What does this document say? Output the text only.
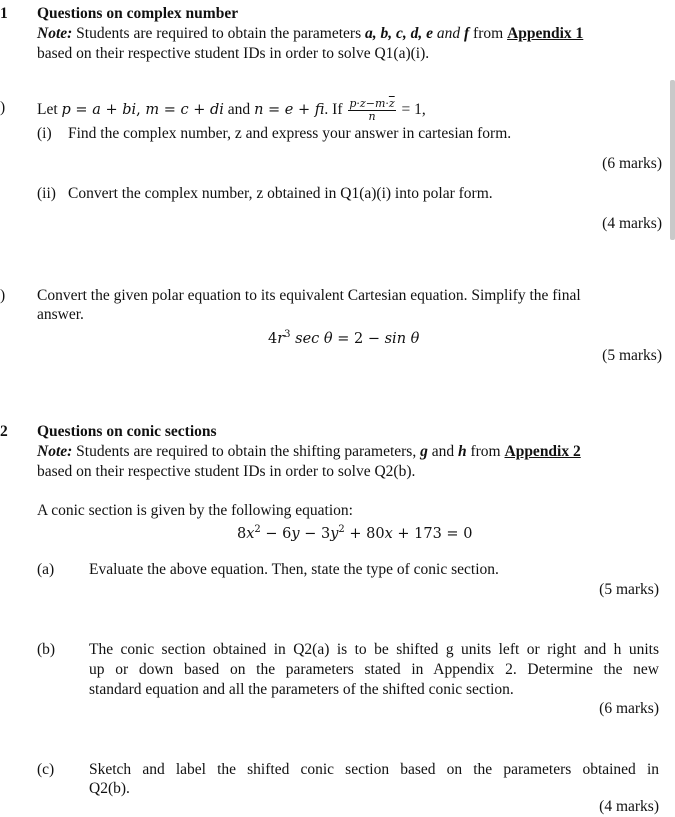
1 Questions on complex number
Note: Students are required to obtain the parameters a, b, c, d, e and f from Appendix 1
based on their respective student IDs in order to solve Q1(a)(i).
) Let p = a + bi, m = c + di and n = e + fi. If $\frac{p\cdot z-m\cdot\overline{z}}{n} = 1$,
(i) Find the complex number, z and express your answer in cartesian form.
(6 marks)
(ii) Convert the complex number, z obtained in Q1(a)(i) into polar form.
(4 marks)
) Convert the given polar equation to its equivalent Cartesian equation. Simplify the final
answer.
$4r^3$ sec θ = 2 − sin θ
(5 marks)
2 Questions on conic sections
Note: Students are required to obtain the shifting parameters, g and h from Appendix 2
based on their respective student IDs in order to solve Q2(b).
A conic section is given by the following equation:
$8x^2 - 6y - 3y^2 + 80x + 173 = 0$
(a) Evaluate the above equation. Then, state the type of conic section.
(5 marks)
(b) The conic section obtained in Q2(a) is to be shifted g units left or right and h units
up or down based on the parameters stated in Appendix 2. Determine the new
standard equation and all the parameters of the shifted conic section.
(6 marks)
(c) Sketch and label the shifted conic section based on the parameters obtained in
Q2(b).
(4 marks)
